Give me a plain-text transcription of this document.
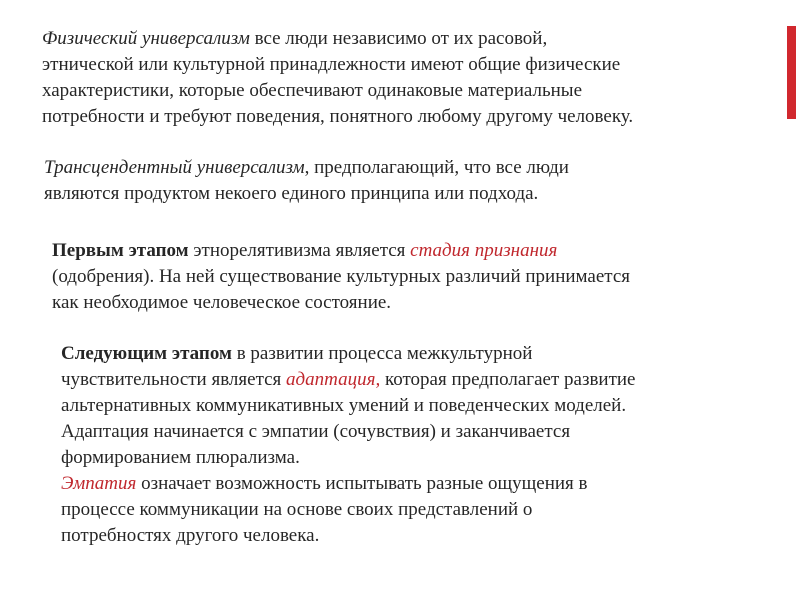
Физический универсализм все люди независимо от их расовой,
этнической или культурной принадлежности имеют общие физические
характеристики, которые обеспечивают одинаковые материальные
потребности и требуют поведения, понятного любому другому человеку.

Трансцендентный универсализм, предполагающий, что все люди
являются продуктом некоего единого принципа или подхода.

Первым этапом этнорелятивизма является стадия признания
(одобрения). На ней существование культурных различий принимается
как необходимое человеческое состояние.

Следующим этапом в развитии процесса межкультурной
чувствительности является адаптация, которая предполагает развитие
альтернативных коммуникативных умений и поведенческих моделей.
Адаптация начинается с эмпатии (сочувствия) и заканчивается
формированием плюрализма.
Эмпатия означает возможность испытывать разные ощущения в
процессе коммуникации на основе своих представлений о
потребностях другого человека.
